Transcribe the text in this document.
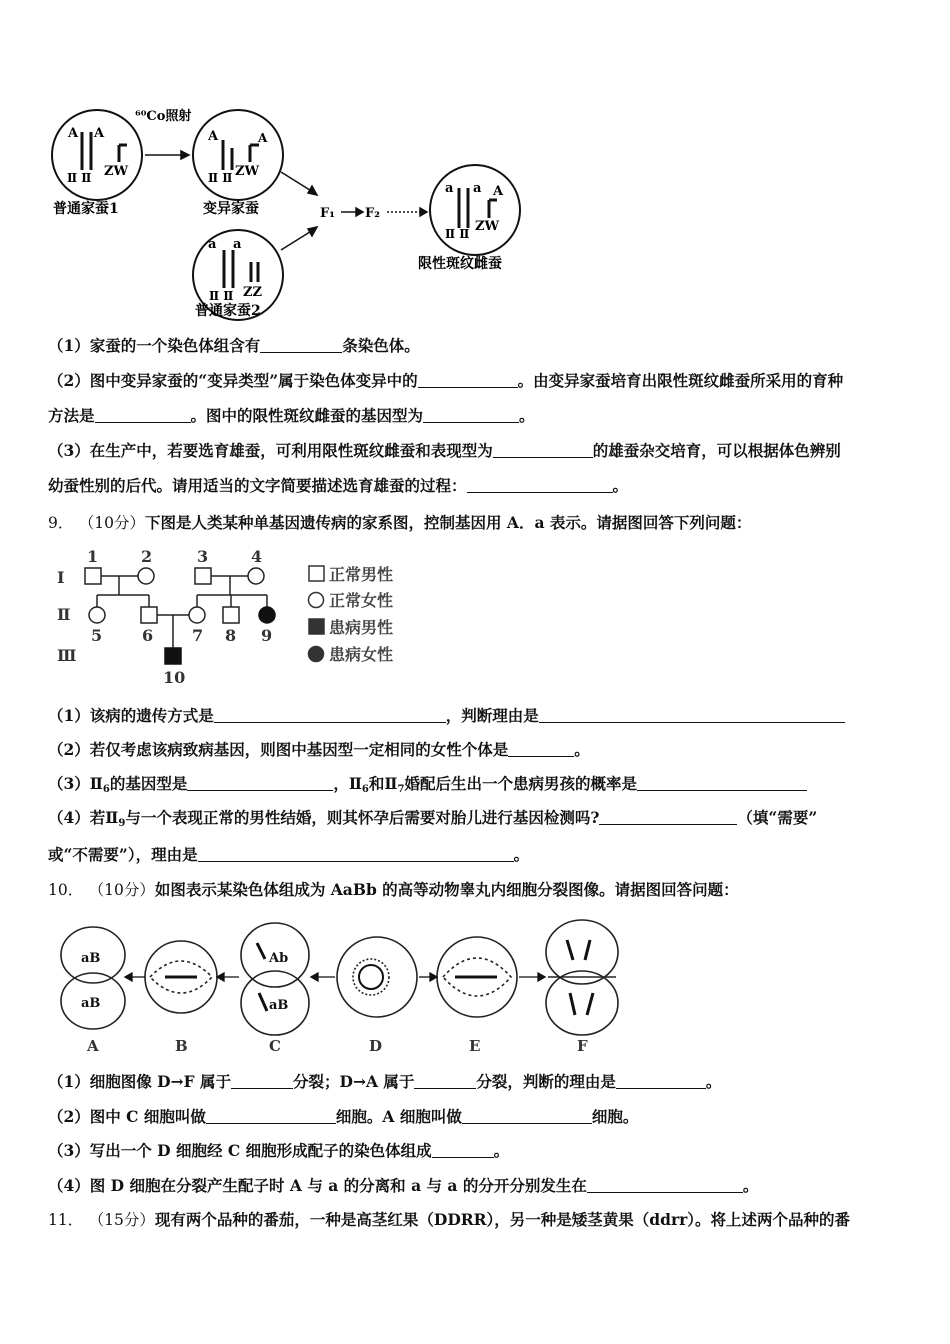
A A
ZW
Ⅱ Ⅱ
A	A
ZW
Ⅱ Ⅱ
⁶⁰Co照射
a a
ZZ
Ⅱ Ⅱ
a a A
ZW
Ⅱ Ⅱ
F₁ F₂
普通家蚕1	变异家蚕
普通家蚕2
限性斑纹雌蚕
（1）家蚕的一个染色体组含有	条染色体。
（2）图中变异家蚕的“变异类型”属于染色体变异中的	。由变异家蚕培育出限性斑纹雌蚕所采用的育种
方法是	。图中的限性斑纹雌蚕的基因型为	。
（3）在生产中，若要选育雄蚕，可利用限性斑纹雌蚕和表现型为	的雄蚕杂交培育，可以根据体色辨别
幼蚕性别的后代。请用适当的文字简要描述选育雄蚕的过程：	。
9． （10分）下图是人类某种单基因遗传病的家系图，控制基因用 A．a 表示。请据图回答下列问题：
Ⅰ
Ⅱ
Ⅲ
1	2	3	4
5 6 7 8 9
10
正常男性
正常女性
患病男性
患病女性
（1）该病的遗传方式是	，判断理由是
（2）若仅考虑该病致病基因，则图中基因型一定相同的女性个体是	。
$(3)Ⅱ_6$的基因型是	，$Ⅱ_6$和$Ⅱ_7$婚配后生出一个患病男孩的概率是
（4）若$Ⅱ_9$与一个表现正常的男性结婚，则其怀孕后需要对胎儿进行基因检测吗?	（填“需要”
或“不需要”），理由是	。
10． （10分）如图表示某染色体组成为 AaBb 的高等动物睾丸内细胞分裂图像。请据图回答问题：
aB
aB
Ab
aB
A	B	C	D	E	F
（1）细胞图像 D→F 属于	分裂；D→A 属于	分裂，判断的理由是	。
（2）图中 C 细胞叫做	细胞。A 细胞叫做	细胞。
（3）写出一个 D 细胞经 C 细胞形成配子的染色体组成	。
（4）图 D 细胞在分裂产生配子时 A 与 a 的分离和 a 与 a 的分开分别发生在	。
11． （15分）现有两个品种的番茄，一种是高茎红果（DDRR），另一种是矮茎黄果（ddrr）。将上述两个品种的番
